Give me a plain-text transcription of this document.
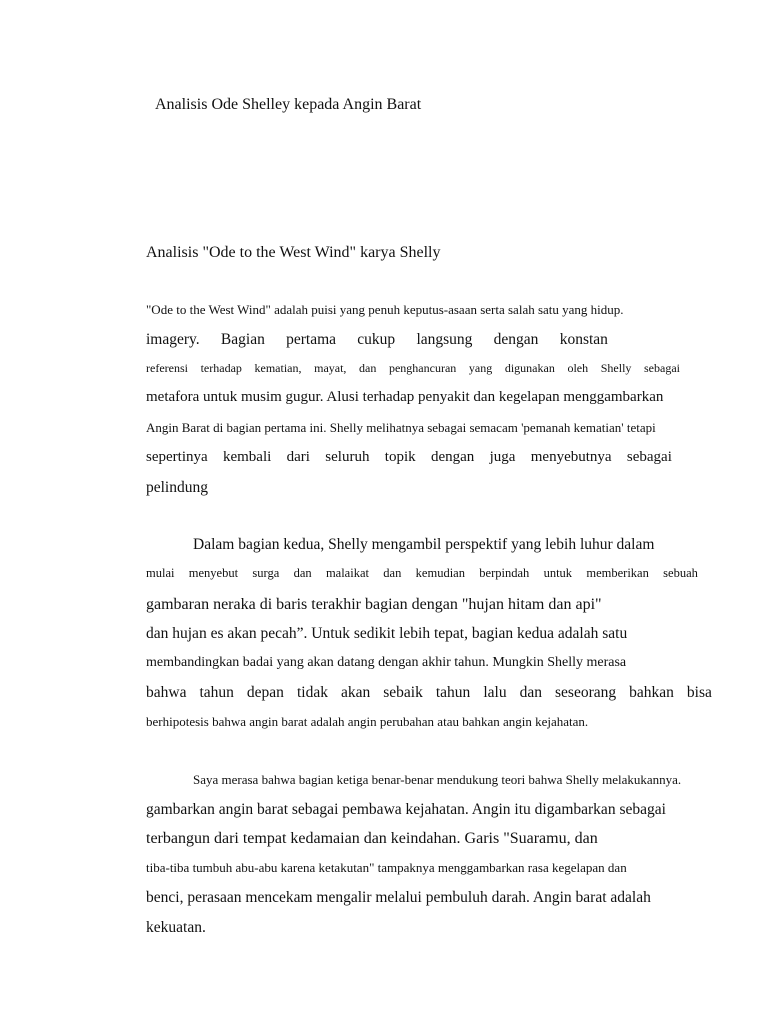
Analisis Ode Shelley kepada Angin Barat
Analisis "Ode to the West Wind" karya Shelly
"Ode to the West Wind" adalah puisi yang penuh keputus-asaan serta salah satu yang hidup.
imagery. Bagian pertama cukup langsung dengan konstan
referensi terhadap kematian, mayat, dan penghancuran yang digunakan oleh Shelly sebagai
metafora untuk musim gugur. Alusi terhadap penyakit dan kegelapan menggambarkan
Angin Barat di bagian pertama ini. Shelly melihatnya sebagai semacam 'pemanah kematian' tetapi
sepertinya kembali dari seluruh topik dengan juga menyebutnya sebagai
pelindung
Dalam bagian kedua, Shelly mengambil perspektif yang lebih luhur dalam
mulai menyebut surga dan malaikat dan kemudian berpindah untuk memberikan sebuah
gambaran neraka di baris terakhir bagian dengan "hujan hitam dan api"
dan hujan es akan pecah”. Untuk sedikit lebih tepat, bagian kedua adalah satu
membandingkan badai yang akan datang dengan akhir tahun. Mungkin Shelly merasa
bahwa tahun depan tidak akan sebaik tahun lalu dan seseorang bahkan bisa
berhipotesis bahwa angin barat adalah angin perubahan atau bahkan angin kejahatan.
Saya merasa bahwa bagian ketiga benar-benar mendukung teori bahwa Shelly melakukannya.
gambarkan angin barat sebagai pembawa kejahatan. Angin itu digambarkan sebagai
terbangun dari tempat kedamaian dan keindahan. Garis "Suaramu, dan
tiba-tiba tumbuh abu-abu karena ketakutan" tampaknya menggambarkan rasa kegelapan dan
benci, perasaan mencekam mengalir melalui pembuluh darah. Angin barat adalah
kekuatan.
